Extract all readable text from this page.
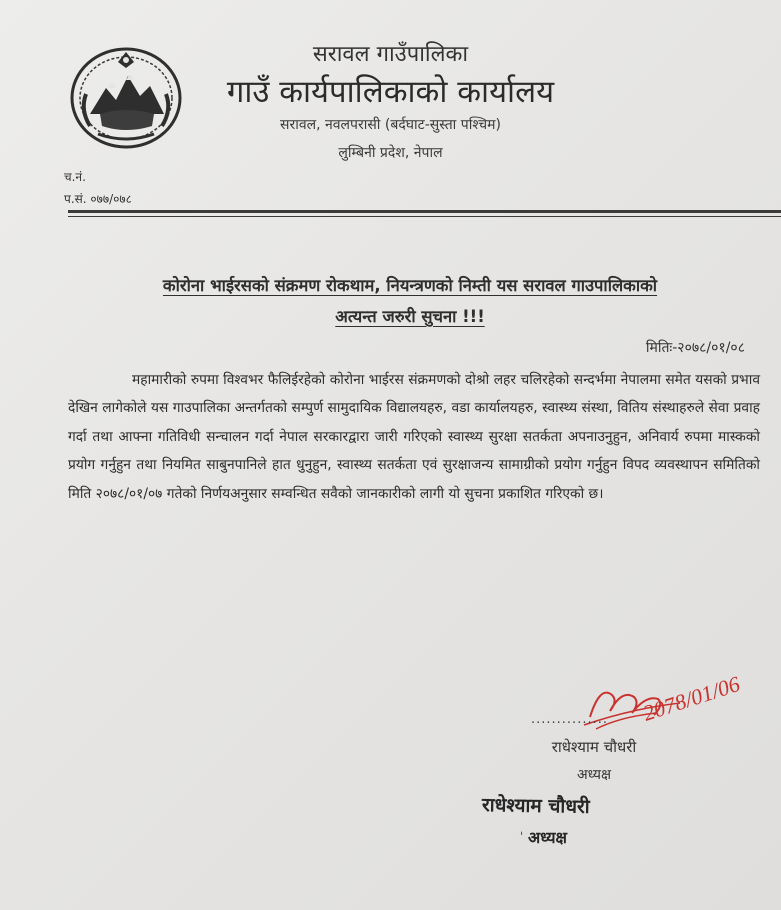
सरावल गाउँपालिका
गाउँ कार्यपालिकाको कार्यालय
सरावल, नवलपरासी (बर्दघाट-सुस्ता पश्चिम)
लुम्बिनी प्रदेश, नेपाल
च.नं.
प.सं. ०७७/०७८
कोरोना भाईरसको संक्रमण रोकथाम, नियन्त्रणको निम्ती यस सरावल गाउपालिकाको
अत्यन्त जरुरी सुचना !!!
मितिः-२०७८/०१/०८
महामारीको रुपमा विश्वभर फैलिईरहेको कोरोना भाईरस संक्रमणको दोश्रो लहर चलिरहेको सन्दर्भमा नेपालमा समेत यसको प्रभाव देखिन लागेकोले यस गाउपालिका अन्तर्गतको सम्पुर्ण सामुदायिक विद्यालयहरु, वडा कार्यालयहरु, स्वास्थ्य संस्था, वितिय संस्थाहरुले सेवा प्रवाह गर्दा तथा आफ्ना गतिविधी सन्चालन गर्दा नेपाल सरकारद्वारा जारी गरिएको स्वास्थ्य सुरक्षा सतर्कता अपनाउनुहुन, अनिवार्य रुपमा मास्कको प्रयोग गर्नुहुन तथा नियमित साबुनपानिले हात धुनुहुन, स्वास्थ्य सतर्कता एवं सुरक्षाजन्य सामाग्रीको प्रयोग गर्नुहुन विपद व्यवस्थापन समितिको मिति २०७८/०१/०७ गतेको निर्णयअनुसार सम्वन्धित सवैको जानकारीको लागी यो सुचना प्रकाशित गरिएको छ।
2078/01/06
...............
राधेश्याम चौधरी
अध्यक्ष
राधेश्याम चौधरी
ˈ अध्यक्ष
